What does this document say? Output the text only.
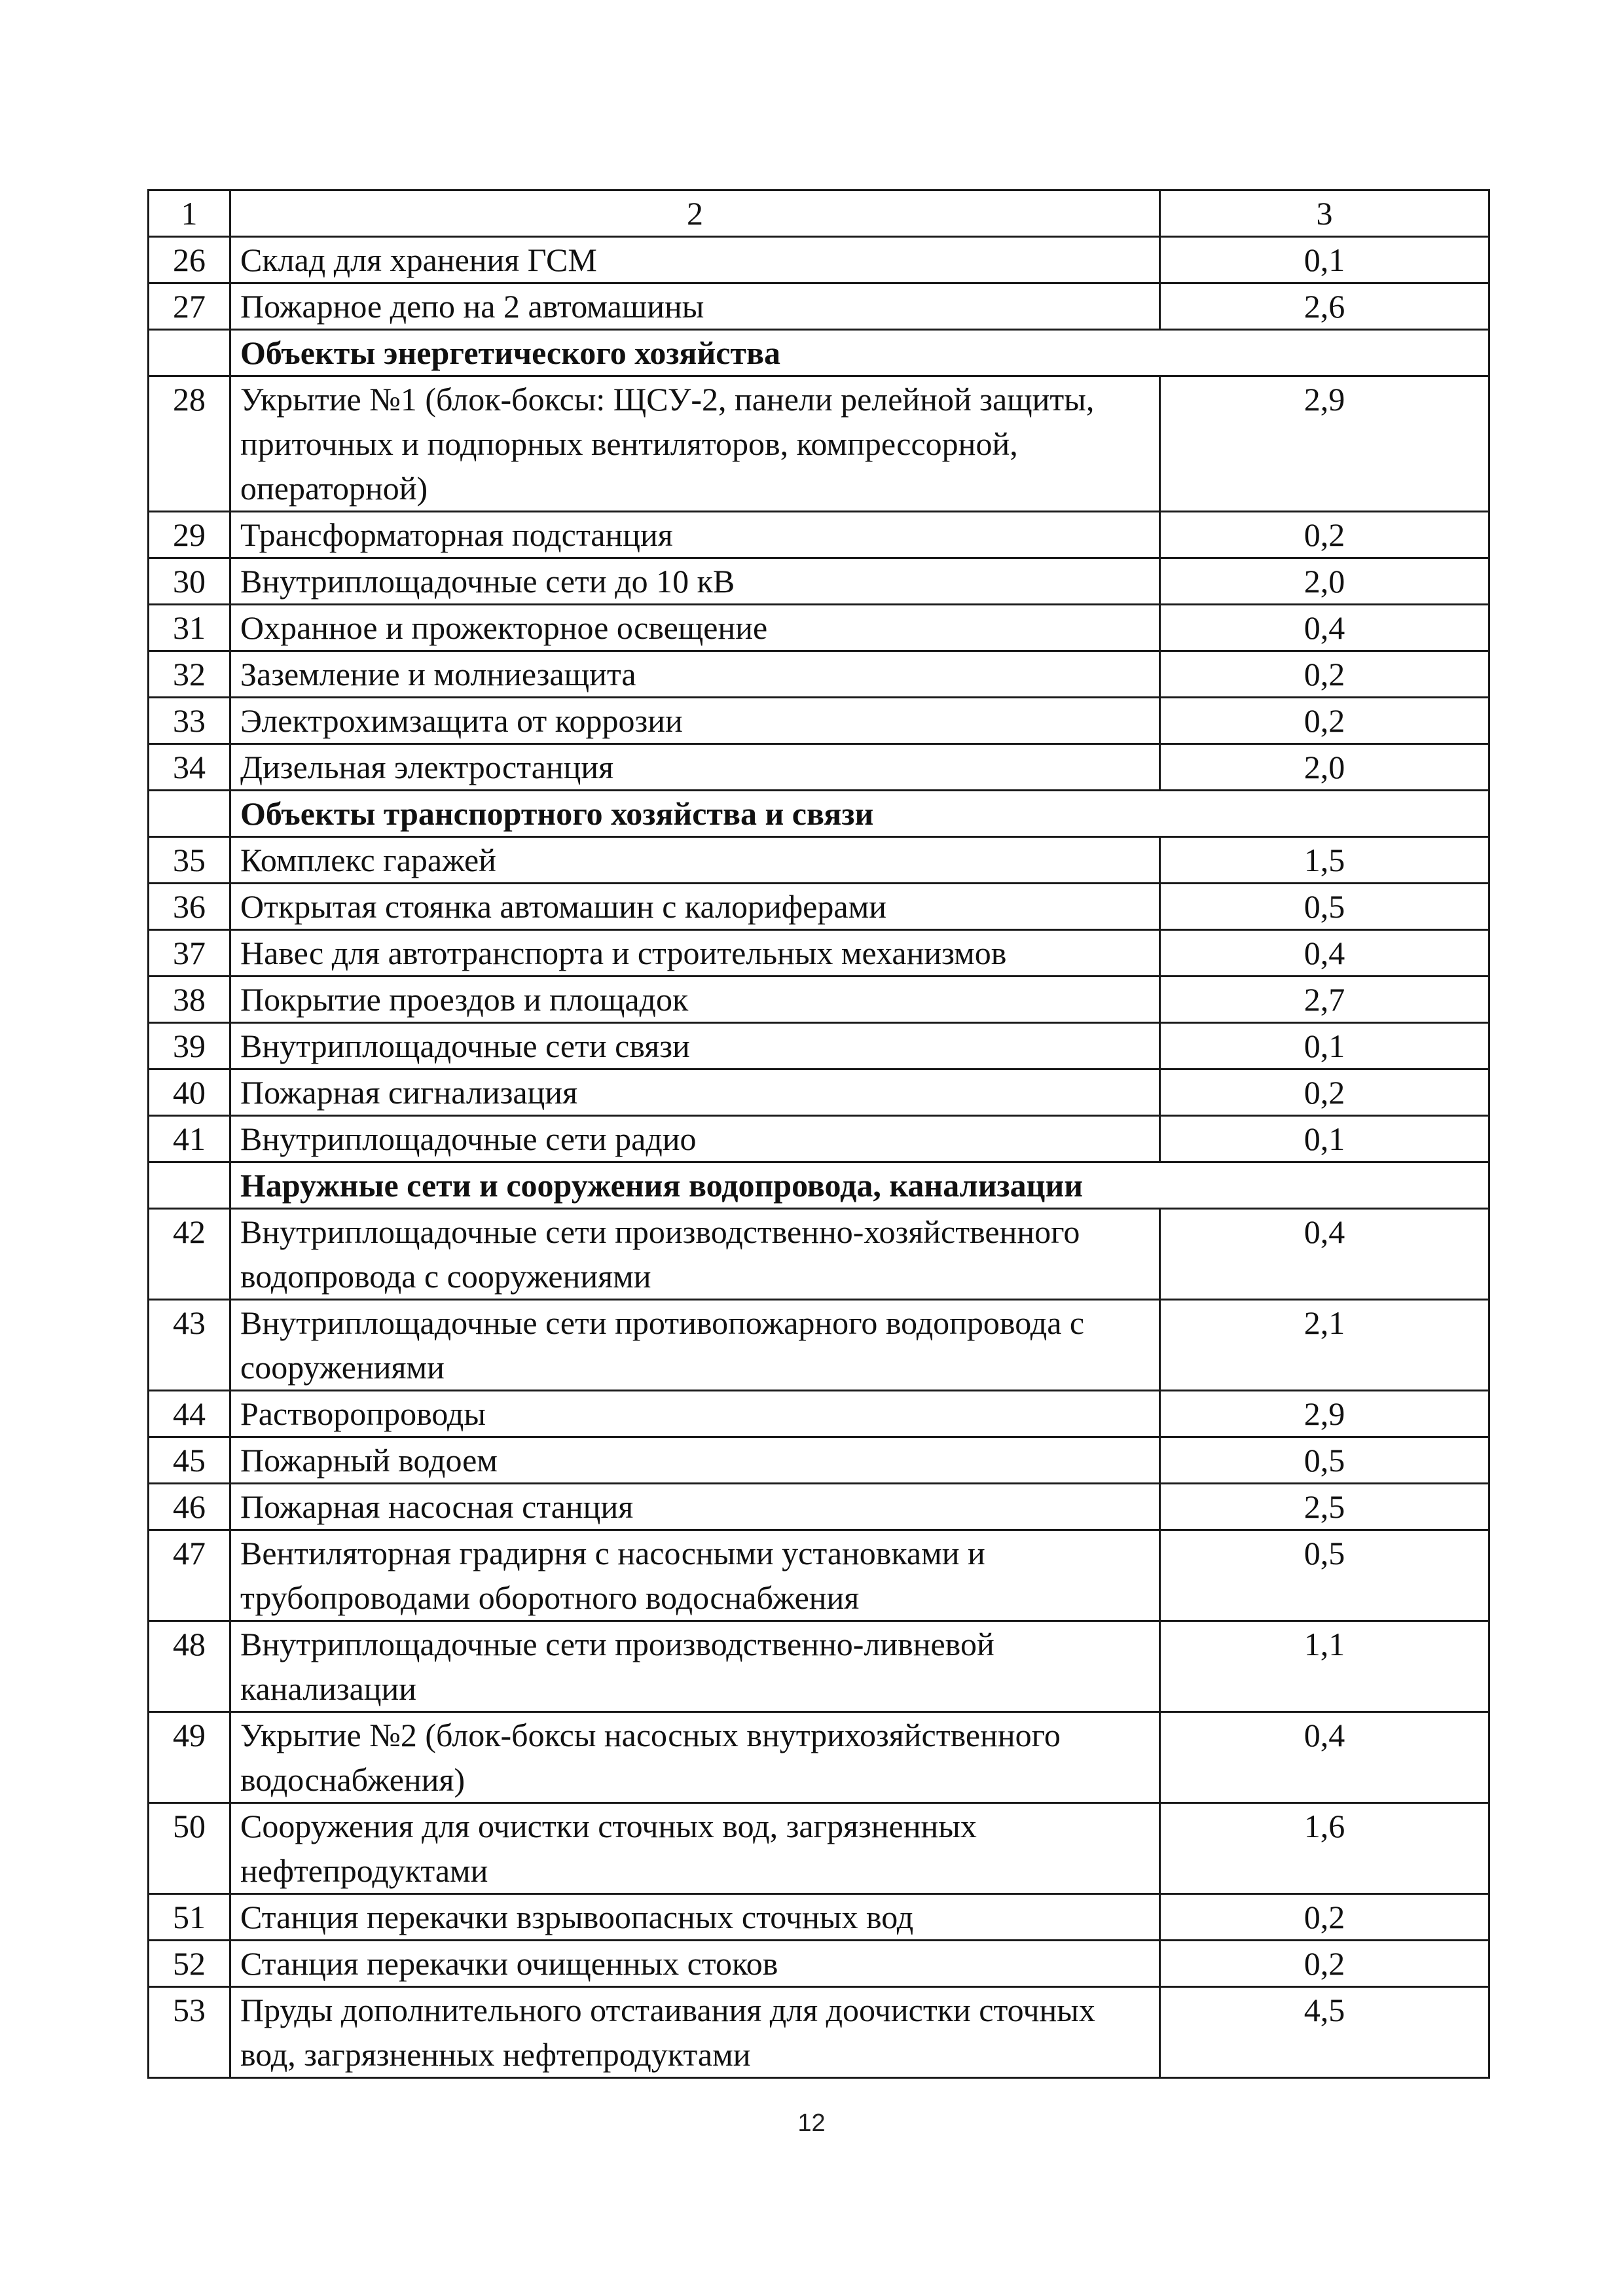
1	2	3
26	Склад для хранения ГСМ	0,1
27	Пожарное депо на 2 автомашины	2,6
	Объекты энергетического хозяйства	
28	Укрытие №1 (блок-боксы: ЩСУ-2, панели релейной защиты, приточных и подпорных вентиляторов, компрессорной, операторной)	2,9
29	Трансформаторная подстанция	0,2
30	Внутриплощадочные сети до 10 кВ	2,0
31	Охранное и прожекторное освещение	0,4
32	Заземление и молниезащита	0,2
33	Электрохимзащита от коррозии	0,2
34	Дизельная электростанция	2,0
	Объекты транспортного хозяйства и связи	
35	Комплекс гаражей	1,5
36	Открытая стоянка автомашин с калориферами	0,5
37	Навес для автотранспорта и строительных механизмов	0,4
38	Покрытие проездов и площадок	2,7
39	Внутриплощадочные сети связи	0,1
40	Пожарная сигнализация	0,2
41	Внутриплощадочные сети радио	0,1
	Наружные сети и сооружения водопровода, канализации	
42	Внутриплощадочные сети производственно-хозяйственного водопровода с сооружениями	0,4
43	Внутриплощадочные сети противопожарного водопровода с сооружениями	2,1
44	Растворопроводы	2,9
45	Пожарный водоем	0,5
46	Пожарная насосная станция	2,5
47	Вентиляторная градирня с насосными установками и трубопроводами оборотного водоснабжения	0,5
48	Внутриплощадочные сети производственно-ливневой канализации	1,1
49	Укрытие №2 (блок-боксы насосных внутрихозяйственного водоснабжения)	0,4
50	Сооружения для очистки сточных вод, загрязненных нефтепродуктами	1,6
51	Станция перекачки взрывоопасных сточных вод	0,2
52	Станция перекачки очищенных стоков	0,2
53	Пруды дополнительного отстаивания для доочистки сточных вод, загрязненных нефтепродуктами	4,5
12
